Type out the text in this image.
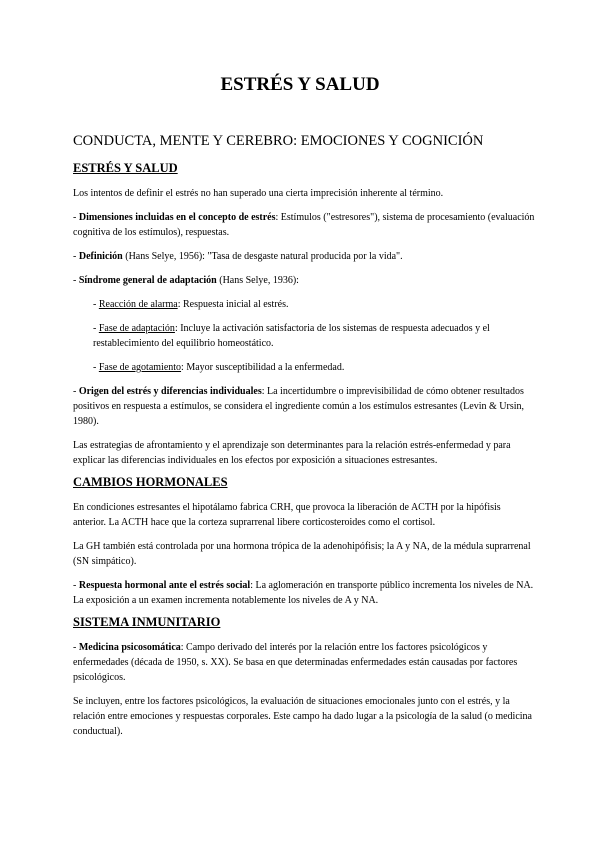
ESTRÉS Y SALUD
CONDUCTA, MENTE Y CEREBRO: EMOCIONES Y COGNICIÓN
ESTRÉS Y SALUD

Los intentos de definir el estrés no han superado una cierta imprecisión inherente al término.

- Dimensiones incluidas en el concepto de estrés: Estímulos ("estresores"), sistema de procesamiento (evaluación cognitiva de los estímulos), respuestas.

- Definición (Hans Selye, 1956): "Tasa de desgaste natural producida por la vida".

- Síndrome general de adaptación (Hans Selye, 1936):

- Reacción de alarma: Respuesta inicial al estrés.

- Fase de adaptación: Incluye la activación satisfactoria de los sistemas de respuesta adecuados y el restablecimiento del equilibrio homeostático.

- Fase de agotamiento: Mayor susceptibilidad a la enfermedad.

- Origen del estrés y diferencias individuales: La incertidumbre o imprevisibilidad de cómo obtener resultados positivos en respuesta a estímulos, se considera el ingrediente común a los estímulos estresantes (Levin & Ursin, 1980).

Las estrategias de afrontamiento y el aprendizaje son determinantes para la relación estrés-enfermedad y para explicar las diferencias individuales en los efectos por exposición a situaciones estresantes.

CAMBIOS HORMONALES

En condiciones estresantes el hipotálamo fabrica CRH, que provoca la liberación de ACTH por la hipófisis anterior. La ACTH hace que la corteza suprarrenal libere corticosteroides como el cortisol.

La GH también está controlada por una hormona trópica de la adenohipófisis; la A y NA, de la médula suprarrenal (SN simpático).

- Respuesta hormonal ante el estrés social: La aglomeración en transporte público incrementa los niveles de NA. La exposición a un examen incrementa notablemente los niveles de A y NA.

SISTEMA INMUNITARIO

- Medicina psicosomática: Campo derivado del interés por la relación entre los factores psicológicos y enfermedades (década de 1950, s. XX). Se basa en que determinadas enfermedades están causadas por factores psicológicos.

Se incluyen, entre los factores psicológicos, la evaluación de situaciones emocionales junto con el estrés, y la relación entre emociones y respuestas corporales. Este campo ha dado lugar a la psicología de la salud (o medicina conductual).
